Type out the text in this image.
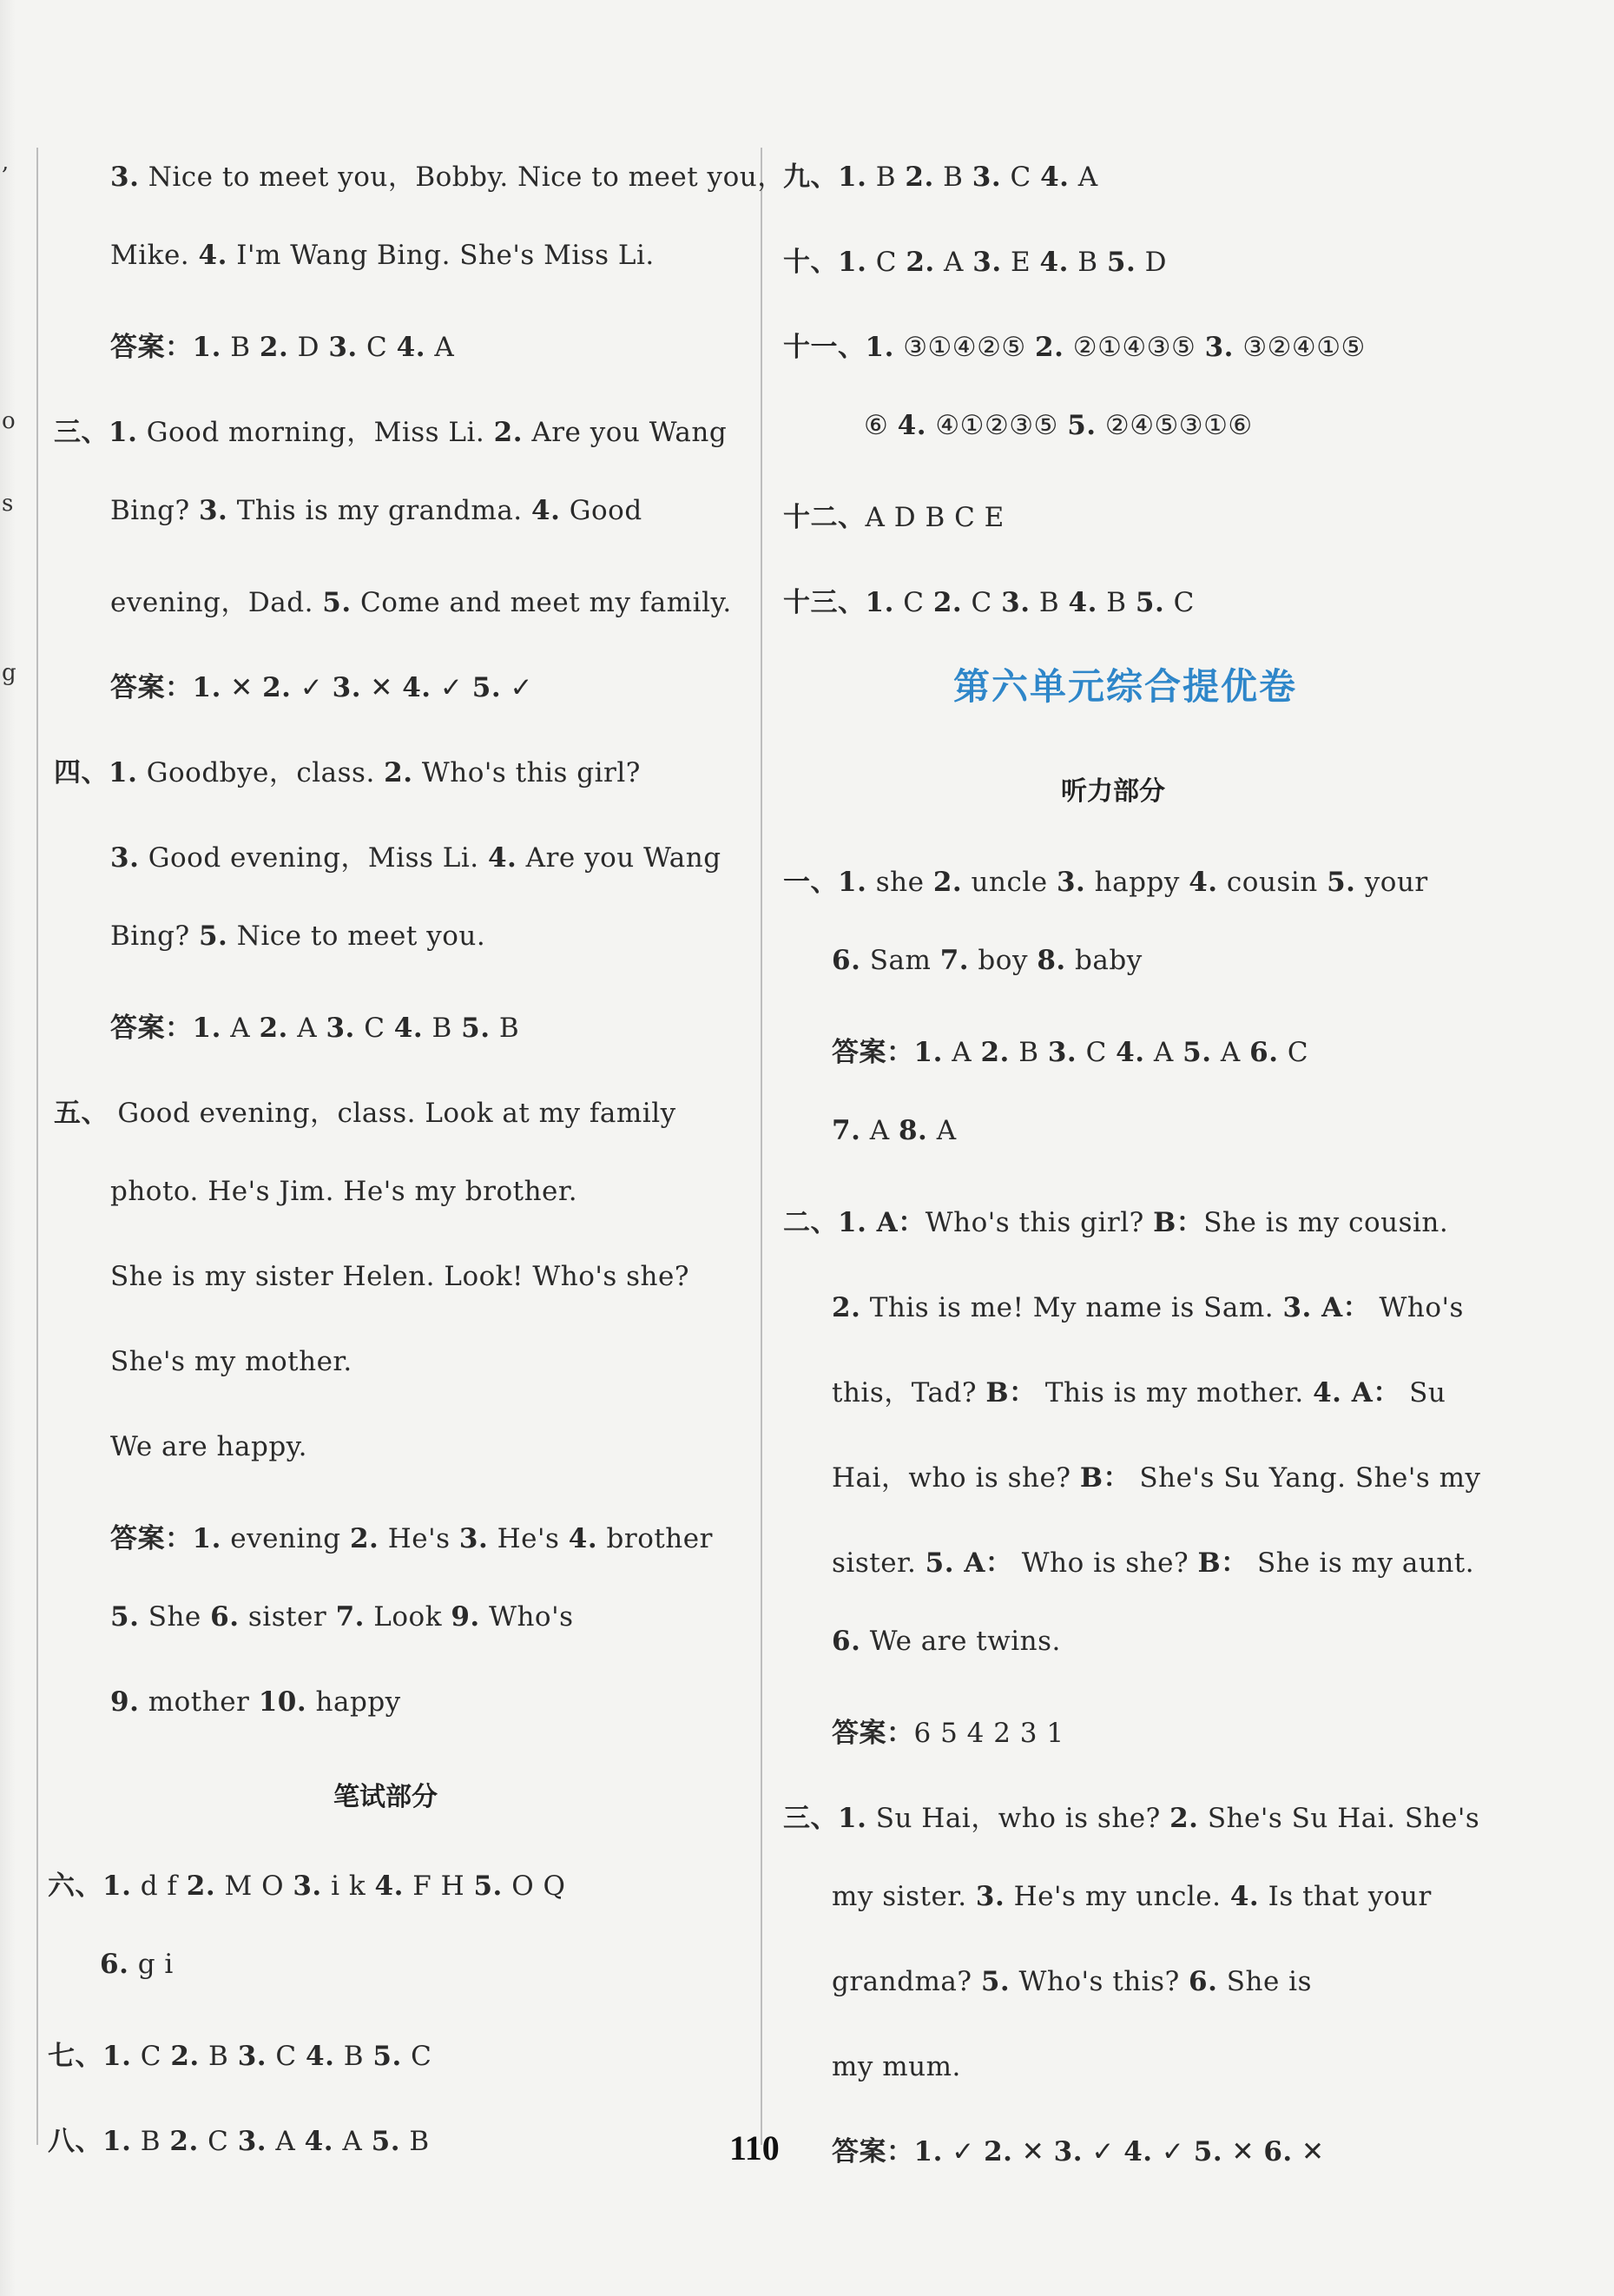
,
o
s
g
3. Nice to meet you，Bobby. Nice to meet you，
Mike. 4. I'm Wang Bing. She's Miss Li.
答案：1. B 2. D 3. C 4. A
三、1. Good morning，Miss Li. 2. Are you Wang
Bing? 3. This is my grandma. 4. Good
evening，Dad. 5. Come and meet my family.
答案：1. ✕ 2. ✓ 3. ✕ 4. ✓ 5. ✓
四、1. Goodbye，class. 2. Who's this girl?
3. Good evening，Miss Li. 4. Are you Wang
Bing? 5. Nice to meet you.
答案：1. A 2. A 3. C 4. B 5. B
五、 Good evening，class. Look at my family
photo. He's Jim. He's my brother.
She is my sister Helen. Look! Who's she?
She's my mother.
We are happy.
答案：1. evening 2. He's 3. He's 4. brother
5. She 6. sister 7. Look 9. Who's
9. mother 10. happy
笔试部分
六、1. d f 2. M O 3. i k 4. F H 5. O Q
6. g i
七、1. C 2. B 3. C 4. B 5. C
八、1. B 2. C 3. A 4. A 5. B
九、1. B 2. B 3. C 4. A
十、1. C 2. A 3. E 4. B 5. D
十一、1. ③①④②⑤ 2. ②①④③⑤ 3. ③②④①⑤
⑥ 4. ④①②③⑤ 5. ②④⑤③①⑥
十二、A D B C E
十三、1. C 2. C 3. B 4. B 5. C
第六单元综合提优卷
听力部分
一、1. she 2. uncle 3. happy 4. cousin 5. your
6. Sam 7. boy 8. baby
答案：1. A 2. B 3. C 4. A 5. A 6. C
7. A 8. A
二、1. A：Who's this girl? B：She is my cousin.
2. This is me! My name is Sam. 3. A： Who's
this，Tad? B： This is my mother. 4. A： Su
Hai，who is she? B： She's Su Yang. She's my
sister. 5. A： Who is she? B： She is my aunt.
6. We are twins.
答案：6 5 4 2 3 1
三、1. Su Hai，who is she? 2. She's Su Hai. She's
my sister. 3. He's my uncle. 4. Is that your
grandma? 5. Who's this? 6. She is
my mum.
答案：1. ✓ 2. ✕ 3. ✓ 4. ✓ 5. ✕ 6. ✕
110
